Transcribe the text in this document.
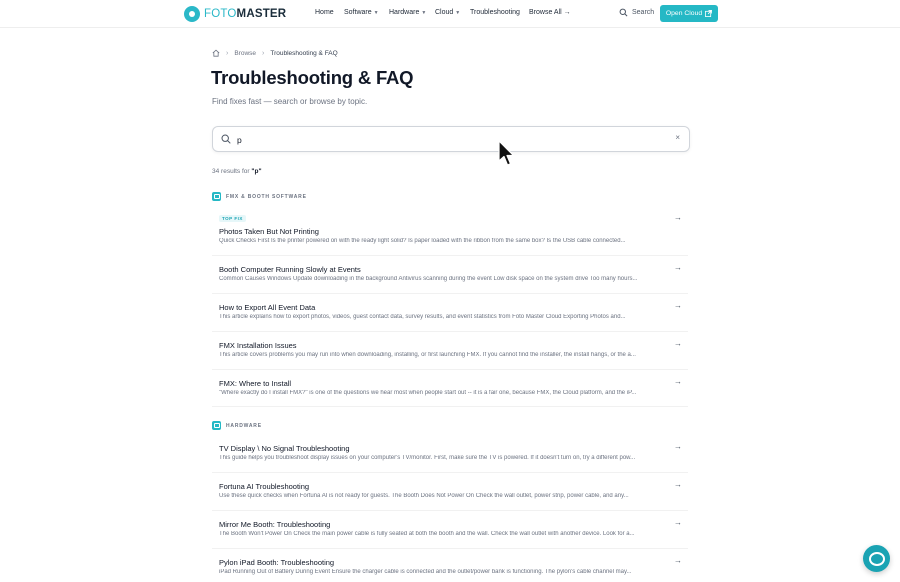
FOTOMASTER	Home Software ▼ Hardware ▼ Cloud ▼ Troubleshooting Browse All →	Search Open Cloud
› Browse › Troubleshooting & FAQ
Troubleshooting & FAQ
Find fixes fast — search or browse by topic.
p
×
34 results for "p"
FMX & BOOTH SOFTWARE
TOP FIX
Photos Taken But Not Printing
Quick Checks First Is the printer powered on with the ready light solid? Is paper loaded with the ribbon from the same box? Is the USB cable connected...
→
Booth Computer Running Slowly at Events
Common Causes Windows Update downloading in the background Antivirus scanning during the event Low disk space on the system drive Too many hours...
→
How to Export All Event Data
This article explains how to export photos, videos, guest contact data, survey results, and event statistics from Foto Master Cloud Exporting Photos and...
→
FMX Installation Issues
This article covers problems you may run into when downloading, installing, or first launching FMX. If you cannot find the installer, the install hangs, or the a...
→
FMX: Where to Install
"Where exactly do I install FMX?" is one of the questions we hear most when people start out -- it is a fair one, because FMX, the Cloud platform, and the iP...
→
HARDWARE
TV Display \ No Signal Troubleshooting
This guide helps you troubleshoot display issues on your computer's TV/monitor. First, make sure the TV is powered. If it doesn't turn on, try a different pow...
→
Fortuna AI Troubleshooting
Use these quick checks when Fortuna AI is not ready for guests. The Booth Does Not Power On Check the wall outlet, power strip, power cable, and any...
→
Mirror Me Booth: Troubleshooting
The Booth Won't Power On Check the main power cable is fully seated at both the booth and the wall. Check the wall outlet with another device. Look for a...
→
Pylon iPad Booth: Troubleshooting
iPad Running Out of Battery During Event Ensure the charger cable is connected and the outlet/power bank is functioning. The pylon's cable channel may...
→
